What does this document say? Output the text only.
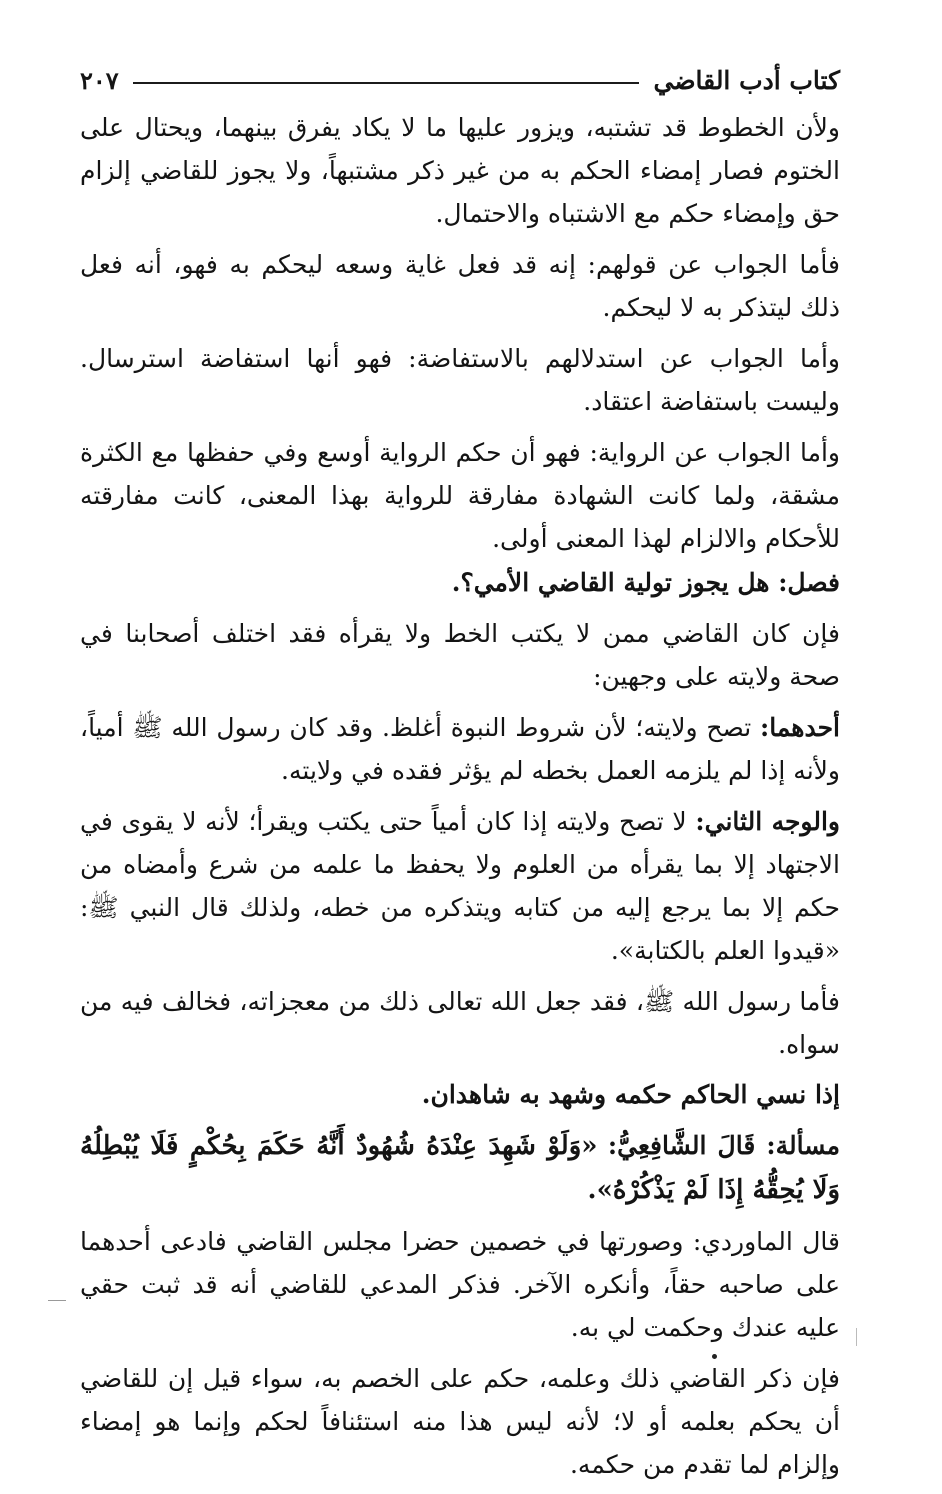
كتاب أدب القاضي
٢٠٧

ولأن الخطوط قد تشتبه، ويزور عليها ما لا يكاد يفرق بينهما، ويحتال على الختوم فصار إمضاء الحكم به من غير ذكر مشتبهاً، ولا يجوز للقاضي إلزام حق وإمضاء حكم مع الاشتباه والاحتمال.

فأما الجواب عن قولهم: إنه قد فعل غاية وسعه ليحكم به فهو، أنه فعل ذلك ليتذكر به لا ليحكم.

وأما الجواب عن استدلالهم بالاستفاضة: فهو أنها استفاضة استرسال. وليست باستفاضة اعتقاد.

وأما الجواب عن الرواية: فهو أن حكم الرواية أوسع وفي حفظها مع الكثرة مشقة، ولما كانت الشهادة مفارقة للرواية بهذا المعنى، كانت مفارقته للأحكام والالزام لهذا المعنى أولى.

فصل: هل يجوز تولية القاضي الأمي؟.

فإن كان القاضي ممن لا يكتب الخط ولا يقرأه فقد اختلف أصحابنا في صحة ولايته على وجهين:

أحدهما: تصح ولايته؛ لأن شروط النبوة أغلظ. وقد كان رسول الله ﷺ أمياً، ولأنه إذا لم يلزمه العمل بخطه لم يؤثر فقده في ولايته.

والوجه الثاني: لا تصح ولايته إذا كان أمياً حتى يكتب ويقرأ؛ لأنه لا يقوى في الاجتهاد إلا بما يقرأه من العلوم ولا يحفظ ما علمه من شرع وأمضاه من حكم إلا بما يرجع إليه من كتابه ويتذكره من خطه، ولذلك قال النبي ﷺ: «قيدوا العلم بالكتابة».

فأما رسول الله ﷺ، فقد جعل الله تعالى ذلك من معجزاته، فخالف فيه من سواه.

إذا نسي الحاكم حكمه وشهد به شاهدان.

مسألة: قَالَ الشَّافِعِيُّ: «وَلَوْ شَهِدَ عِنْدَهُ شُهُودٌ أَنَّهُ حَكَمَ بِحُكْمٍ فَلَا يُبْطِلُهُ وَلَا يُحِقُّهُ إِذَا لَمْ يَذْكُرْهُ».

قال الماوردي: وصورتها في خصمين حضرا مجلس القاضي فادعى أحدهما على صاحبه حقاً، وأنكره الآخر. فذكر المدعي للقاضي أنه قد ثبت حقي عليه عندك وحكمت لي به.

فإن ذكر القاضي ذلك وعلمه، حكم على الخصم به، سواء قيل إن للقاضي أن يحكم بعلمه أو لا؛ لأنه ليس هذا منه استئنافاً لحكم وإنما هو إمضاء وإلزام لما تقدم من حكمه.
